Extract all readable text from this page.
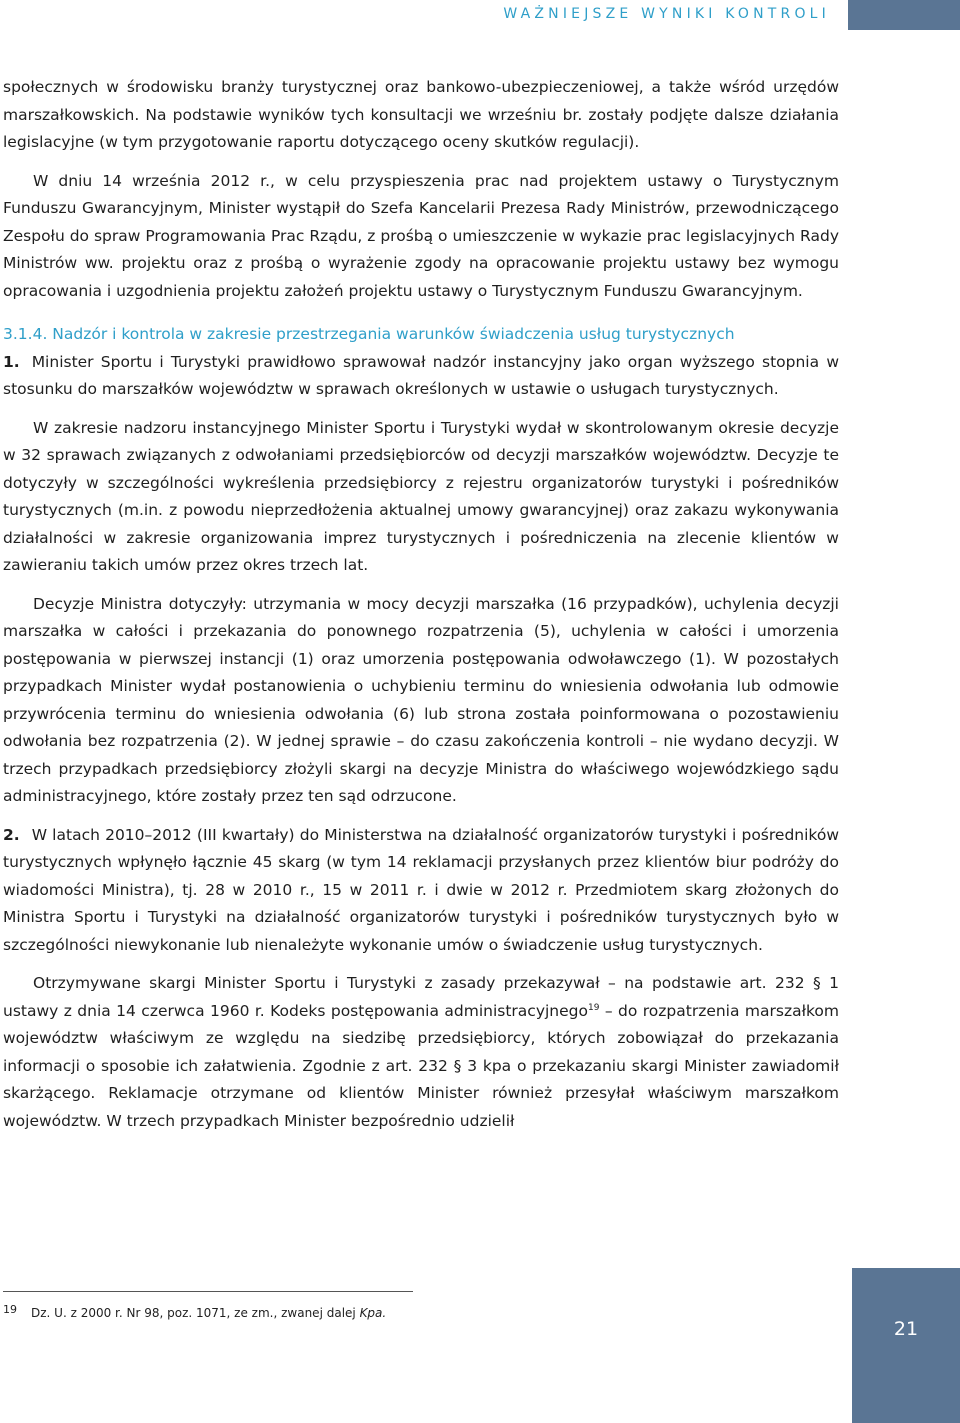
WAŻNIEJSZE WYNIKI KONTROLI

społecznych w środowisku branży turystycznej oraz bankowo-ubezpieczeniowej, a także wśród urzędów marszałkowskich. Na podstawie wyników tych konsultacji we wrześniu br. zostały podjęte dalsze działania legislacyjne (w tym przygotowanie raportu dotyczącego oceny skutków regulacji).

W dniu 14 września 2012 r., w celu przyspieszenia prac nad projektem ustawy o Turystycznym Funduszu Gwarancyjnym, Minister wystąpił do Szefa Kancelarii Prezesa Rady Ministrów, przewodniczącego Zespołu do spraw Programowania Prac Rządu, z prośbą o umieszczenie w wykazie prac legislacyjnych Rady Ministrów ww. projektu oraz z prośbą o wyrażenie zgody na opracowanie projektu ustawy bez wymogu opracowania i uzgodnienia projektu założeń projektu ustawy o Turystycznym Funduszu Gwarancyjnym.

3.1.4. Nadzór i kontrola w zakresie przestrzegania warunków świadczenia usług turystycznych

1. Minister Sportu i Turystyki prawidłowo sprawował nadzór instancyjny jako organ wyższego stopnia w stosunku do marszałków województw w sprawach określonych w ustawie o usługach turystycznych.

W zakresie nadzoru instancyjnego Minister Sportu i Turystyki wydał w skontrolowanym okresie decyzje w 32 sprawach związanych z odwołaniami przedsiębiorców od decyzji marszałków województw. Decyzje te dotyczyły w szczególności wykreślenia przedsiębiorcy z rejestru organizatorów turystyki i pośredników turystycznych (m.in. z powodu nieprzedłożenia aktualnej umowy gwarancyjnej) oraz zakazu wykonywania działalności w zakresie organizowania imprez turystycznych i pośredniczenia na zlecenie klientów w zawieraniu takich umów przez okres trzech lat.

Decyzje Ministra dotyczyły: utrzymania w mocy decyzji marszałka (16 przypadków), uchylenia decyzji marszałka w całości i przekazania do ponownego rozpatrzenia (5), uchylenia w całości i umorzenia postępowania w pierwszej instancji (1) oraz umorzenia postępowania odwoławczego (1). W pozostałych przypadkach Minister wydał postanowienia o uchybieniu terminu do wniesienia odwołania lub odmowie przywrócenia terminu do wniesienia odwołania (6) lub strona została poinformowana o pozostawieniu odwołania bez rozpatrzenia (2). W jednej sprawie – do czasu zakończenia kontroli – nie wydano decyzji. W trzech przypadkach przedsiębiorcy złożyli skargi na decyzje Ministra do właściwego wojewódzkiego sądu administracyjnego, które zostały przez ten sąd odrzucone.

2. W latach 2010–2012 (III kwartały) do Ministerstwa na działalność organizatorów turystyki i pośredników turystycznych wpłynęło łącznie 45 skarg (w tym 14 reklamacji przysłanych przez klientów biur podróży do wiadomości Ministra), tj. 28 w 2010 r., 15 w 2011 r. i dwie w 2012 r. Przedmiotem skarg złożonych do Ministra Sportu i Turystyki na działalność organizatorów turystyki i pośredników turystycznych było w szczególności niewykonanie lub nienależyte wykonanie umów o świadczenie usług turystycznych.

Otrzymywane skargi Minister Sportu i Turystyki z zasady przekazywał – na podstawie art. 232 § 1 ustawy z dnia 14 czerwca 1960 r. Kodeks postępowania administracyjnego$^{19}$ – do rozpatrzenia marszałkom województw właściwym ze względu na siedzibę przedsiębiorcy, których zobowiązał do przekazania informacji o sposobie ich załatwienia. Zgodnie z art. 232 § 3 kpa o przekazaniu skargi Minister zawiadomił skarżącego. Reklamacje otrzymane od klientów Minister również przesyłał właściwym marszałkom województw. W trzech przypadkach Minister bezpośrednio udzielił

19 Dz. U. z 2000 r. Nr 98, poz. 1071, ze zm., zwanej dalej Kpa.
21
